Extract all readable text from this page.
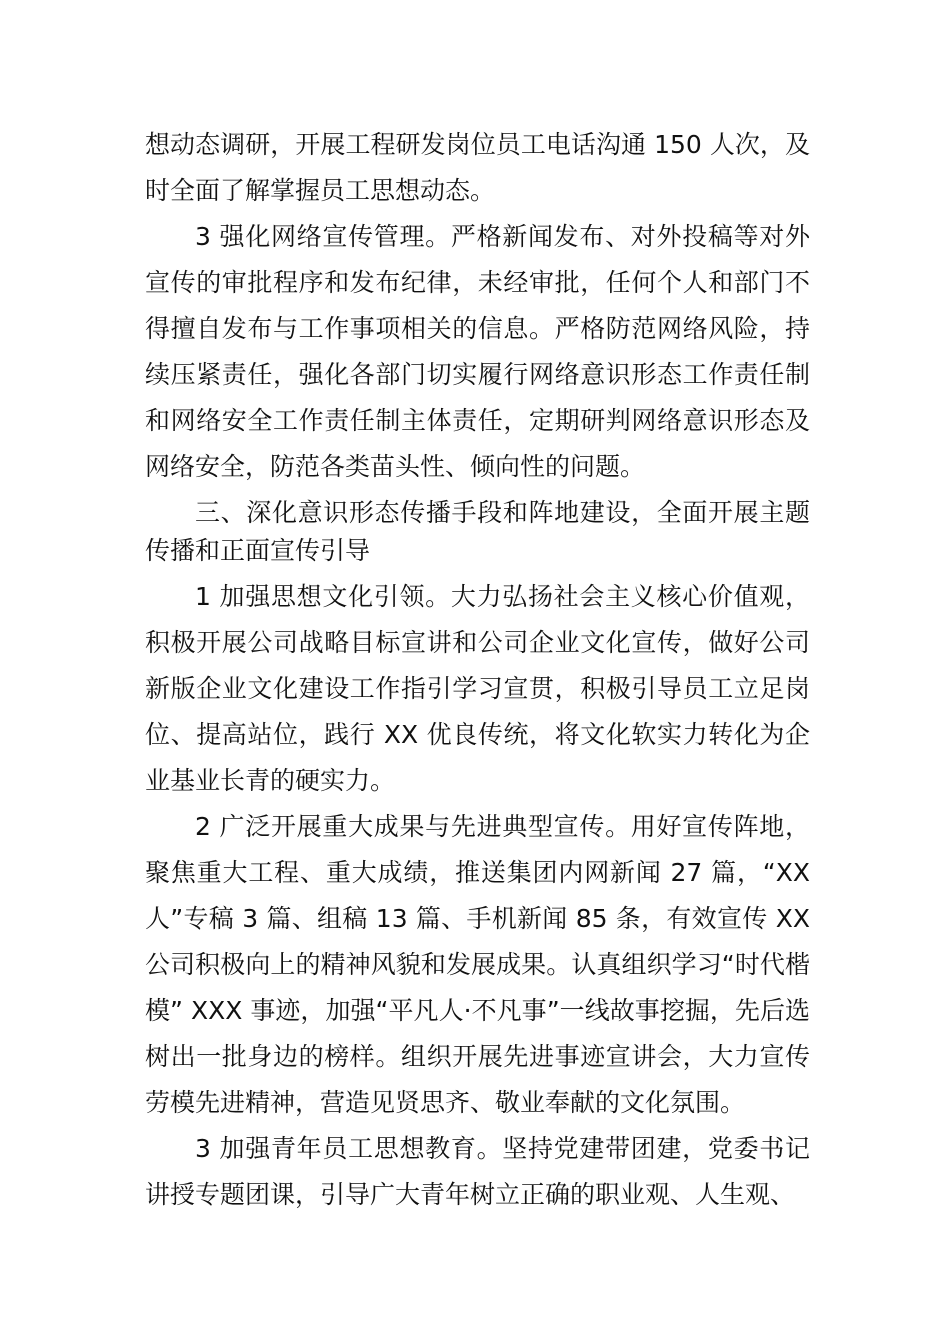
想动态调研，开展工程研发岗位员工电话沟通 150 人次，及时全面了解掌握员工思想动态。

3 强化网络宣传管理。严格新闻发布、对外投稿等对外宣传的审批程序和发布纪律，未经审批，任何个人和部门不得擅自发布与工作事项相关的信息。严格防范网络风险，持续压紧责任，强化各部门切实履行网络意识形态工作责任制和网络安全工作责任制主体责任，定期研判网络意识形态及网络安全，防范各类苗头性、倾向性的问题。

三、深化意识形态传播手段和阵地建设，全面开展主题传播和正面宣传引导

1 加强思想文化引领。大力弘扬社会主义核心价值观，积极开展公司战略目标宣讲和公司企业文化宣传，做好公司新版企业文化建设工作指引学习宣贯，积极引导员工立足岗位、提高站位，践行 XX 优良传统，将文化软实力转化为企业基业长青的硬实力。

2 广泛开展重大成果与先进典型宣传。用好宣传阵地，聚焦重大工程、重大成绩，推送集团内网新闻 27 篇，“XX 人”专稿 3 篇、组稿 13 篇、手机新闻 85 条，有效宣传 XX 公司积极向上的精神风貌和发展成果。认真组织学习“时代楷模” XXX 事迹，加强“平凡人·不凡事”一线故事挖掘，先后选树出一批身边的榜样。组织开展先进事迹宣讲会，大力宣传劳模先进精神，营造见贤思齐、敬业奉献的文化氛围。

3 加强青年员工思想教育。坚持党建带团建，党委书记讲授专题团课，引导广大青年树立正确的职业观、人生观、
